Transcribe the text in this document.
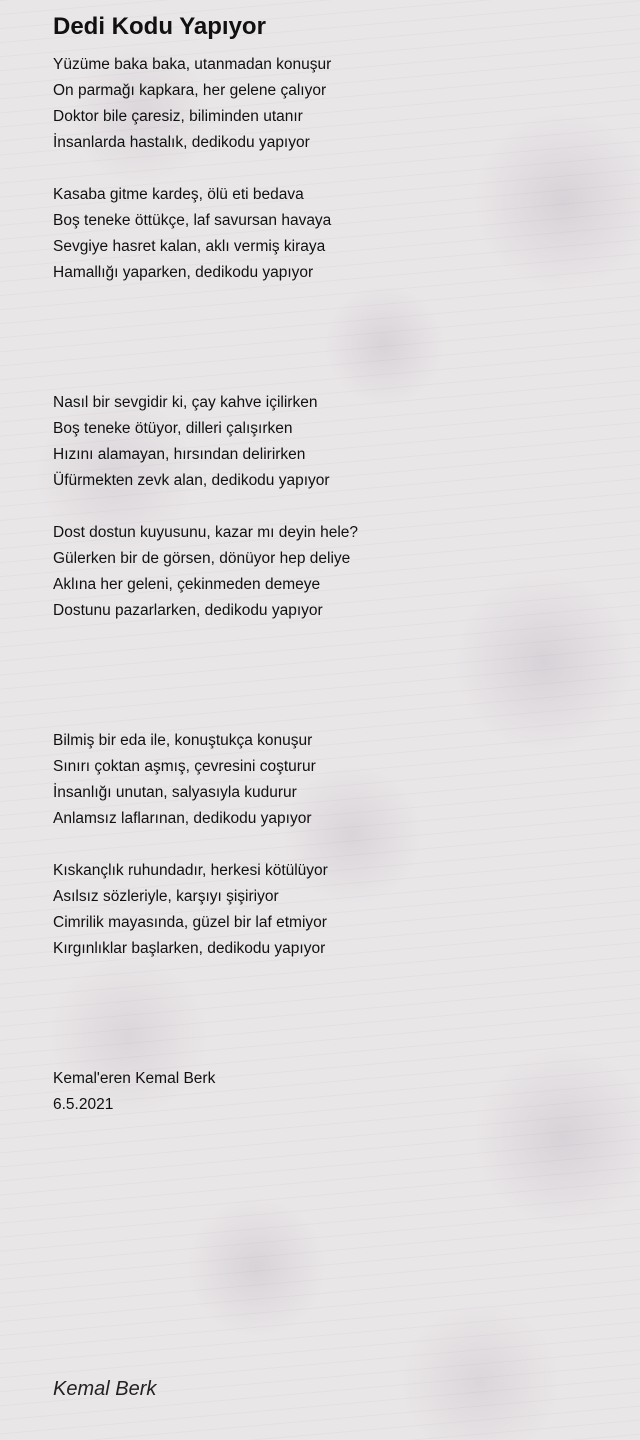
Dedi Kodu Yapıyor
Yüzüme baka baka, utanmadan konuşur
On parmağı kapkara, her gelene çalıyor
Doktor bile çaresiz, biliminden utanır
İnsanlarda hastalık, dedikodu yapıyor
Kasaba gitme kardeş, ölü eti bedava
Boş teneke öttükçe, laf savursan havaya
Sevgiye hasret kalan, aklı vermiş kiraya
Hamallığı yaparken, dedikodu yapıyor
Nasıl bir sevgidir ki, çay kahve içilirken
Boş teneke ötüyor, dilleri çalışırken
Hızını alamayan, hırsından delirirken
Üfürmekten zevk alan, dedikodu yapıyor
Dost dostun kuyusunu, kazar mı deyin hele?
Gülerken bir de görsen, dönüyor hep deliye
Aklına her geleni, çekinmeden demeye
Dostunu pazarlarken, dedikodu yapıyor
Bilmiş bir eda ile, konuştukça konuşur
Sınırı çoktan aşmış, çevresini coşturur
İnsanlığı unutan, salyasıyla kudurur
Anlamsız laflarınan, dedikodu yapıyor
Kıskançlık ruhundadır, herkesi kötülüyor
Asılsız sözleriyle, karşıyı şişiriyor
Cimrilik mayasında, güzel bir laf etmiyor
Kırgınlıklar başlarken, dedikodu yapıyor
Kemal'eren Kemal Berk
6.5.2021
Kemal Berk
